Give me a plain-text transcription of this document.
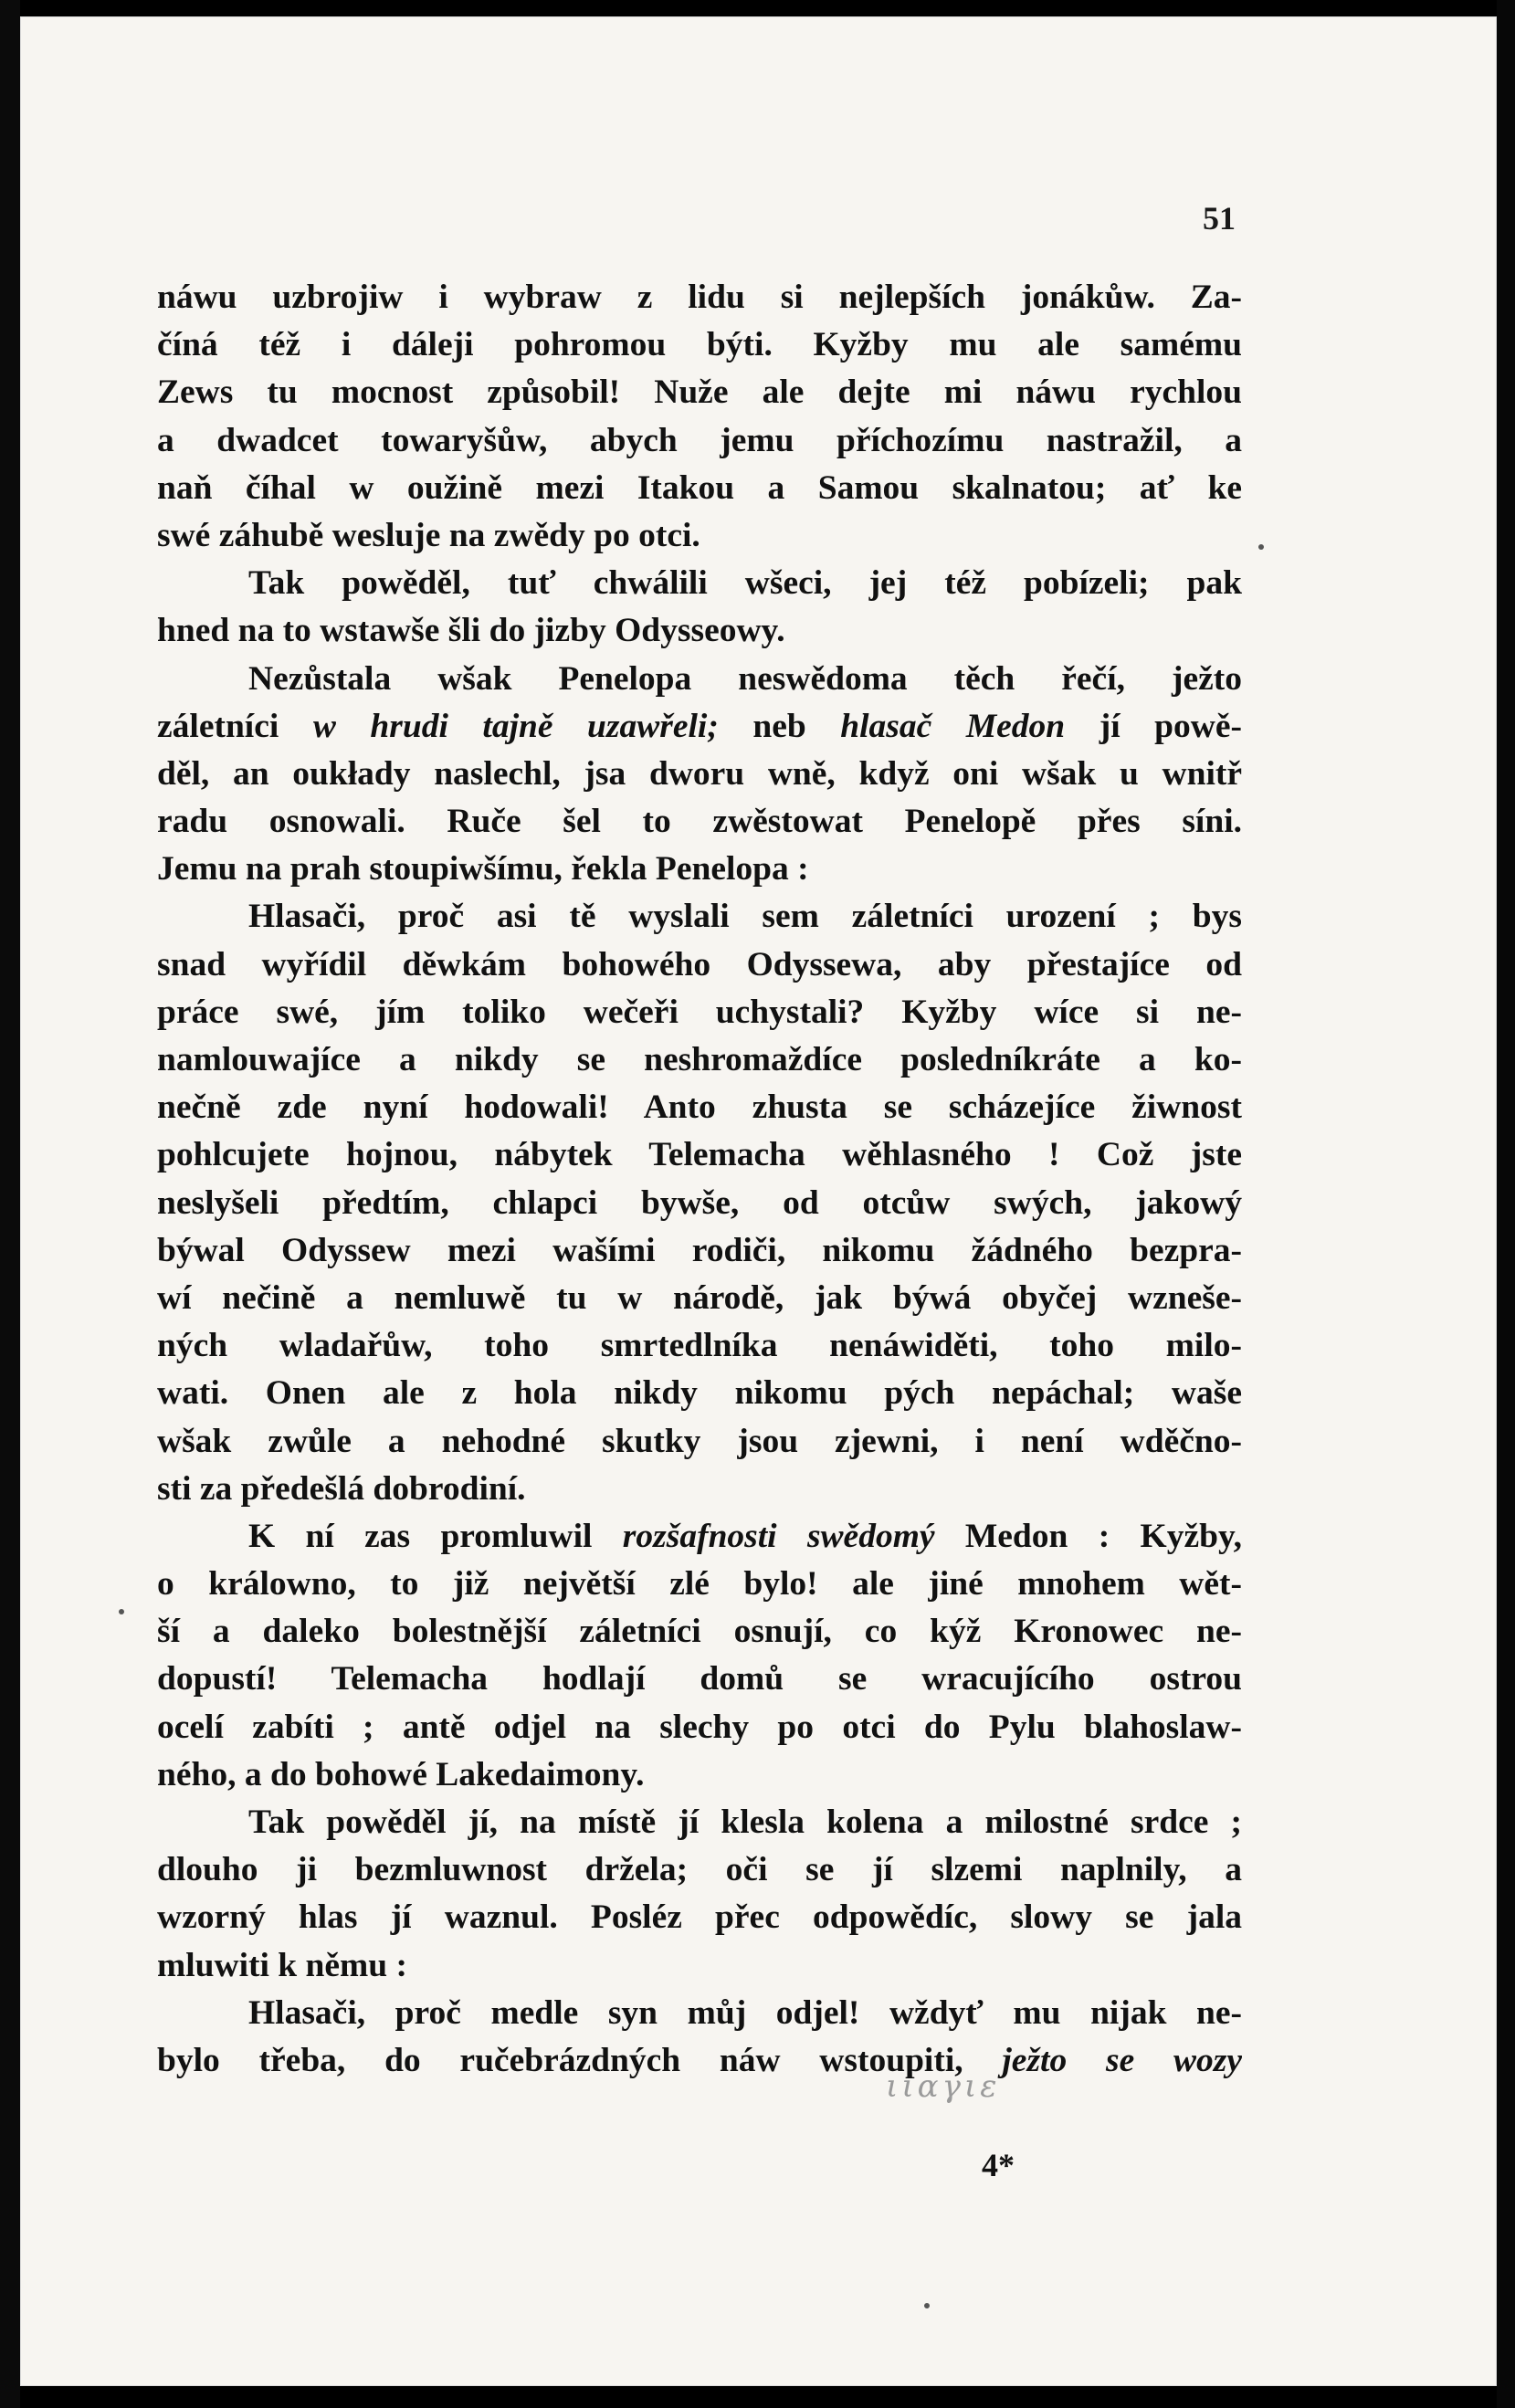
51
náwu uzbrojiw i wybraw z lidu si nejlepších jonákůw. Za-
číná též i dáleji pohromou býti. Kyžby mu ale samému
Zews tu mocnost způsobil! Nuže ale dejte mi náwu rychlou
a dwadcet towaryšůw, abych jemu příchozímu nastražil, a
naň číhal w oužině mezi Itakou a Samou skalnatou; ať ke
swé záhubě wesluje na zwědy po otci.
Tak powěděl, tuť chwálili wšeci, jej též pobízeli; pak
hned na to wstawše šli do jizby Odysseowy.
Nezůstala wšak Penelopa neswědoma těch řečí, ježto
záletníci w hrudi tajně uzawřeli; neb hlasač Medon jí powě-
děl, an oukłady naslechl, jsa dworu wně, když oni wšak u wnitř
radu osnowali. Ruče šel to zwěstowat Penelopě přes síni.
Jemu na prah stoupiwšímu, řekla Penelopa :
Hlasači, proč asi tě wyslali sem záletníci urození ; bys
snad wyřídil děwkám bohowého Odyssewa, aby přestajíce od
práce swé, jím toliko wečeři uchystali? Kyžby wíce si ne-
namlouwajíce a nikdy se neshromaždíce posledníkráte a ko-
nečně zde nyní hodowali! Anto zhusta se scházejíce žiwnost
pohlcujete hojnou, nábytek Telemacha wěhlasného ! Což jste
neslyšeli předtím, chlapci bywše, od otcůw swých, jakowý
býwal Odyssew mezi wašími rodiči, nikomu žádného bezpra-
wí nečině a nemluwě tu w národě, jak býwá obyčej wzneše-
ných wladařůw, toho smrtedlníka nenáwiděti, toho milo-
wati. Onen ale z hola nikdy nikomu pých nepáchal; waše
wšak zwůle a nehodné skutky jsou zjewni, i není wděčno-
sti za předešlá dobrodiní.
K ní zas promluwil rozšafnosti swědomý Medon : Kyžby,
o králowno, to již největší zlé bylo! ale jiné mnohem wět-
ší a daleko bolestnější záletníci osnují, co kýž Kronowec ne-
dopustí! Telemacha hodlají domů se wracujícího ostrou
ocelí zabíti ; antě odjel na slechy po otci do Pylu blahoslaw-
ného, a do bohowé Lakedaimony.
Tak powěděl jí, na místě jí klesla kolena a milostné srdce ;
dlouho ji bezmluwnost držela; oči se jí slzemi naplnily, a
wzorný hlas jí waznul. Posléz přec odpowědíc, slowy se jala
mluwiti k němu :
Hlasači, proč medle syn můj odjel! wždyť mu nijak ne-
bylo třeba, do ručebrázdných náw wstoupiti, ježto se wozy
ιιαγιε
4*
